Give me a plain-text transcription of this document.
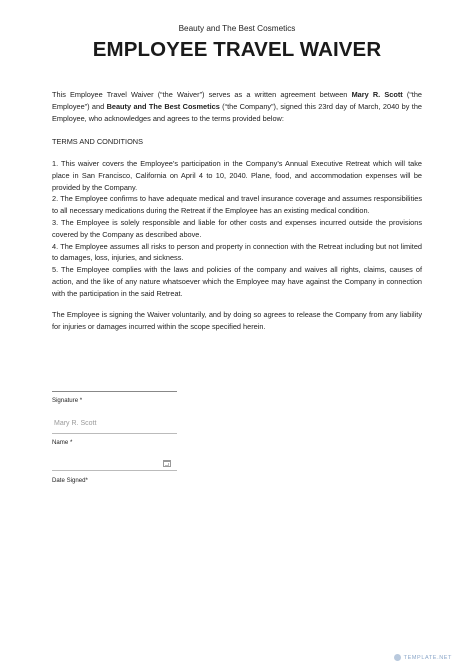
Beauty and The Best Cosmetics
EMPLOYEE TRAVEL WAIVER
This Employee Travel Waiver (“the Waiver”) serves as a written agreement between Mary R. Scott (“the Employee”) and Beauty and The Best Cosmetics (“the Company”), signed this 23rd day of March, 2040 by the Employee, who acknowledges and agrees to the terms provided below:
TERMS AND CONDITIONS

1. This waiver covers the Employee’s participation in the Company’s Annual Executive Retreat which will take place in San Francisco, California on April 4 to 10, 2040. Plane, food, and accommodation expenses will be provided by the Company.

2. The Employee confirms to have adequate medical and travel insurance coverage and assumes responsibilities to all necessary medications during the Retreat if the Employee has an existing medical condition.

3. The Employee is solely responsible and liable for other costs and expenses incurred outside the provisions covered by the Company as described above.

4. The Employee assumes all risks to person and property in connection with the Retreat including but not limited to damages, loss, injuries, and sickness.

5. The Employee complies with the laws and policies of the company and waives all rights, claims, causes of action, and the like of any nature whatsoever which the Employee may have against the Company in connection with the participation in the said Retreat.

The Employee is signing the Waiver voluntarily, and by doing so agrees to release the Company from any liability for injuries or damages incurred within the scope specified herein.
Signature *
Mary R. Scott
Name *
Date Signed*
TEMPLATE.NET
